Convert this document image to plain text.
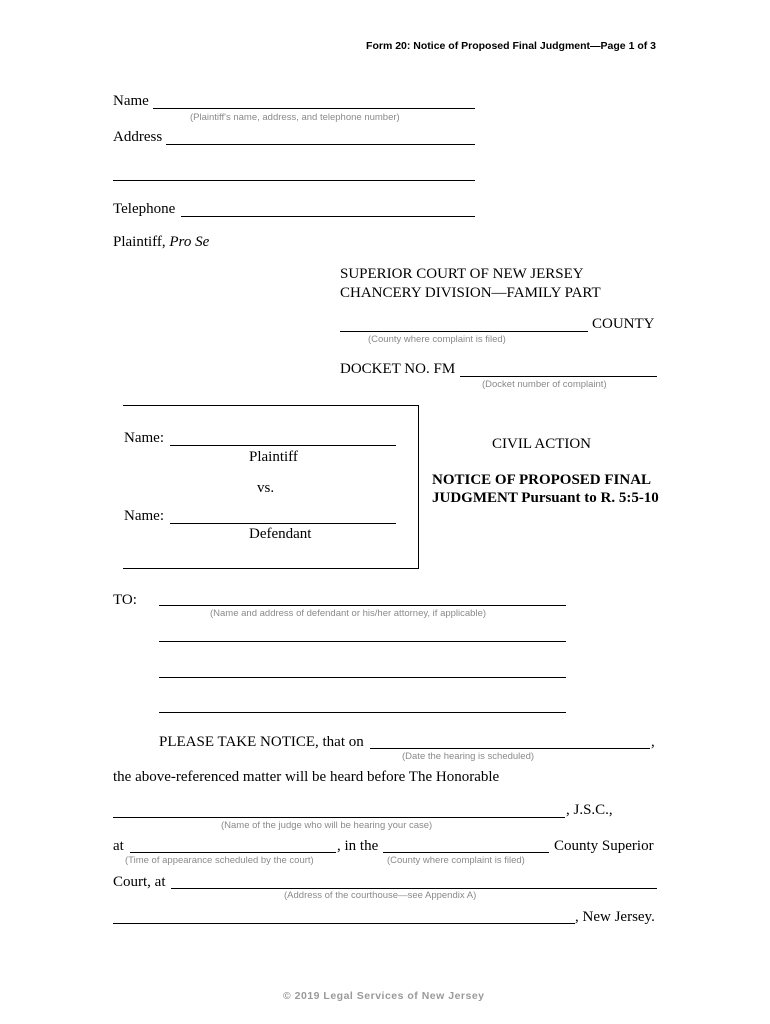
Form 20: Notice of Proposed Final Judgment—Page 1 of 3
Name
(Plaintiff's name, address, and telephone number)
Address
Telephone
Plaintiff, Pro Se
SUPERIOR COURT OF NEW JERSEY
CHANCERY DIVISION—FAMILY PART
COUNTY
(County where complaint is filed)
DOCKET NO. FM
(Docket number of complaint)
Name:
Plaintiff
vs.
Name:
Defendant
CIVIL ACTION
NOTICE OF PROPOSED FINAL
JUDGMENT Pursuant to R. 5:5-10
TO:
(Name and address of defendant or his/her attorney, if applicable)
PLEASE TAKE NOTICE, that on	,
(Date the hearing is scheduled)
the above-referenced matter will be heard before The Honorable
, J.S.C.,
(Name of the judge who will be hearing your case)
at	, in the	County Superior
(Time of appearance scheduled by the court)	(County where complaint is filed)
Court, at
(Address of the courthouse—see Appendix A)
, New Jersey.
© 2019 Legal Services of New Jersey
